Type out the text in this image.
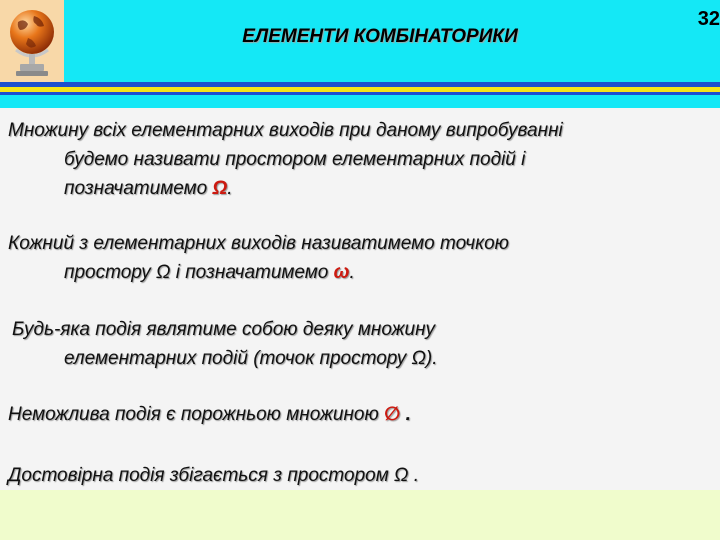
ЕЛЕМЕНТИ КОМБІНАТОРИКИ
32
Множину всіх елементарних виходів при даному випробуванні
будемо називати простором елементарних подій і
позначатимемо Ω.
Кожний з елементарних виходів називатимемо точкою
простору Ω і позначатимемо ω.
Будь-яка подія являтиме собою деяку множину
елементарних подій (точок простору Ω).
Неможлива подія є порожньою множиною ∅ .
Достовірна подія збігається з простором Ω .
